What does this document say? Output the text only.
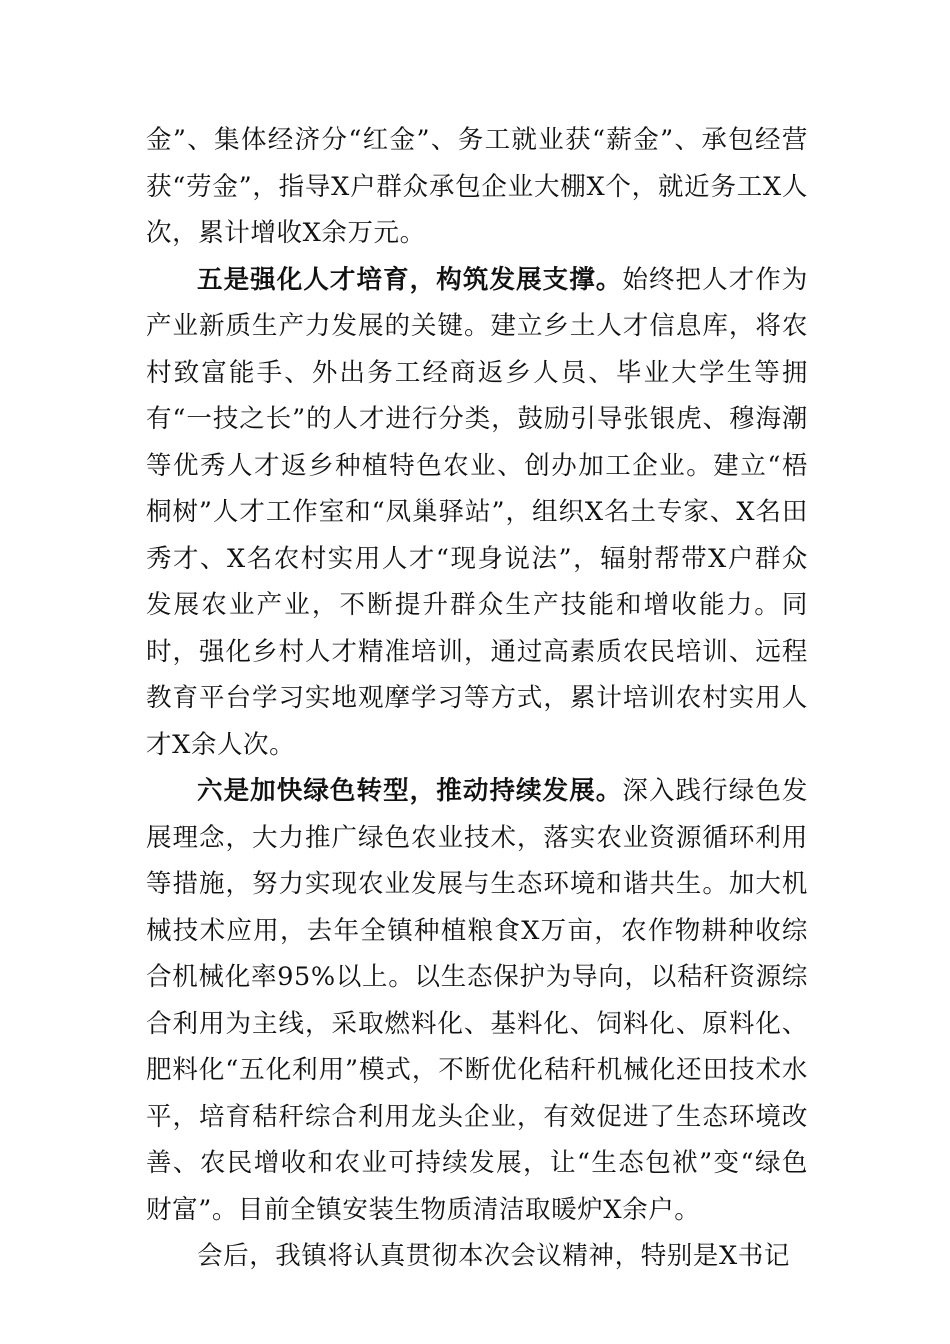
金”、集体经济分“红金”、务工就业获“薪金”、承包经营获“劳金”，指导X户群众承包企业大棚X个，就近务工X人次，累计增收X余万元。

五是强化人才培育，构筑发展支撑。始终把人才作为产业新质生产力发展的关键。建立乡土人才信息库，将农村致富能手、外出务工经商返乡人员、毕业大学生等拥有“一技之长”的人才进行分类，鼓励引导张银虎、穆海潮等优秀人才返乡种植特色农业、创办加工企业。建立“梧桐树”人才工作室和“凤巢驿站”，组织X名土专家、X名田秀才、X名农村实用人才“现身说法”，辐射帮带X户群众发展农业产业，不断提升群众生产技能和增收能力。同时，强化乡村人才精准培训，通过高素质农民培训、远程教育平台学习实地观摩学习等方式，累计培训农村实用人才X余人次。

六是加快绿色转型，推动持续发展。深入践行绿色发展理念，大力推广绿色农业技术，落实农业资源循环利用等措施，努力实现农业发展与生态环境和谐共生。加大机械技术应用，去年全镇种植粮食X万亩，农作物耕种收综合机械化率95%以上。以生态保护为导向，以秸秆资源综合利用为主线，采取燃料化、基料化、饲料化、原料化、肥料化“五化利用”模式，不断优化秸秆机械化还田技术水平，培育秸秆综合利用龙头企业，有效促进了生态环境改善、农民增收和农业可持续发展，让“生态包袱”变“绿色财富”。目前全镇安装生物质清洁取暖炉X余户。

会后，我镇将认真贯彻本次会议精神，特别是X书记
